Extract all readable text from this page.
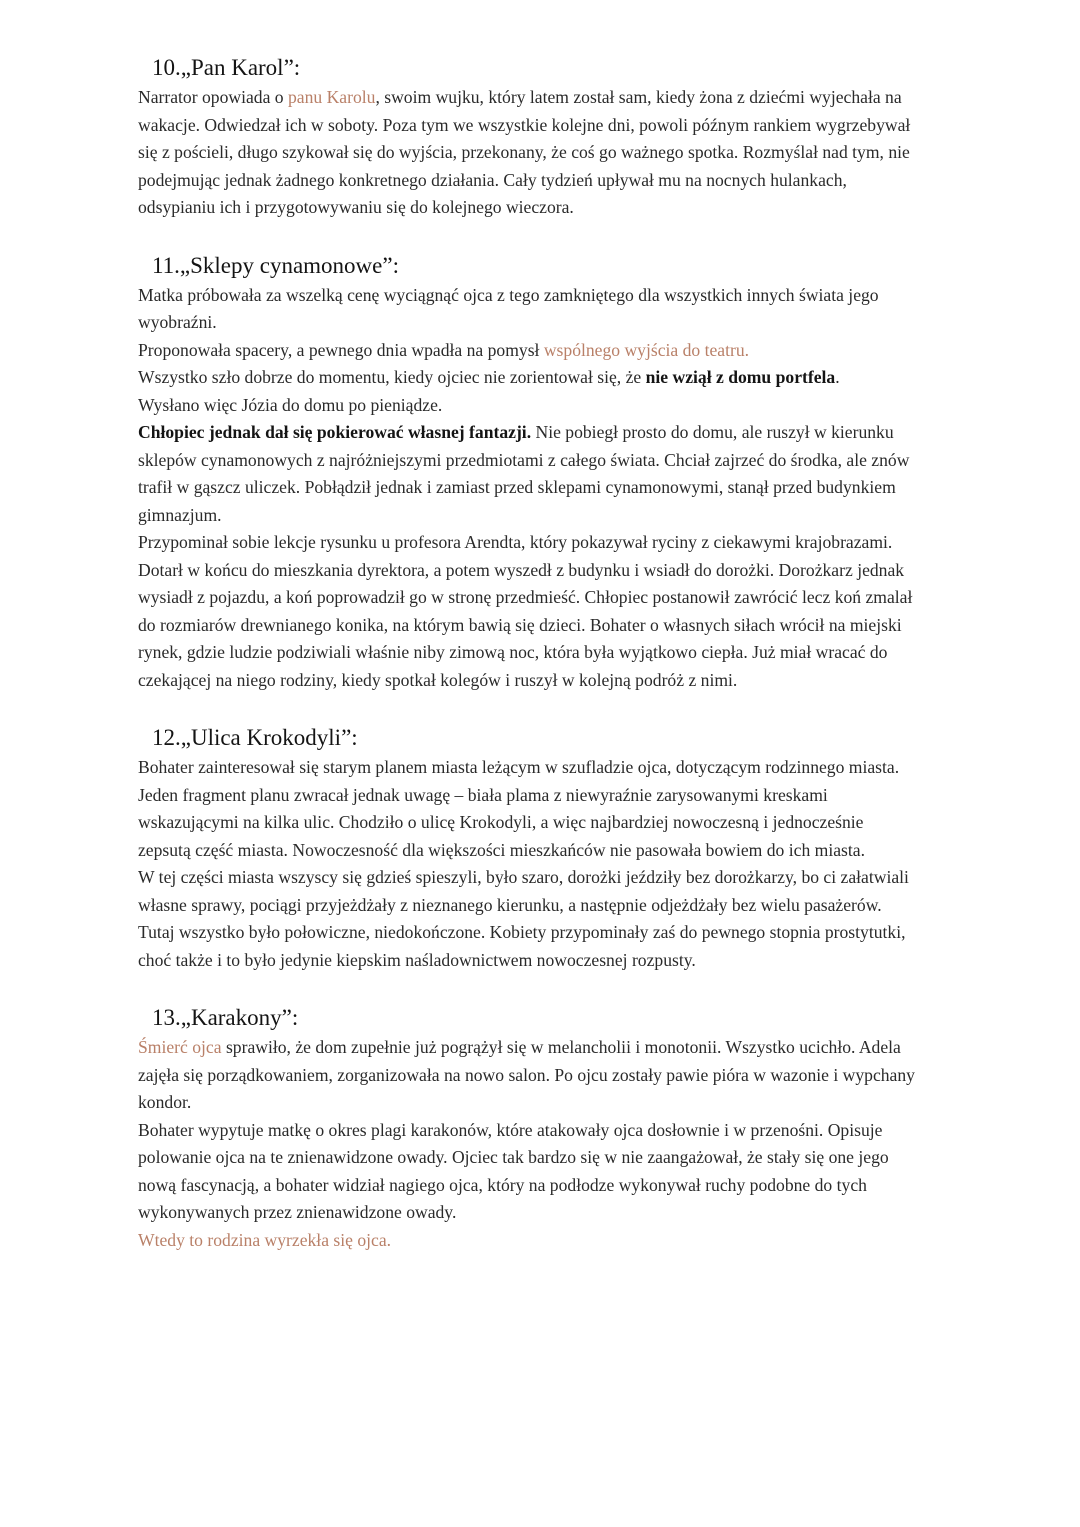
10.„Pan Karol”:

Narrator opowiada o panu Karolu, swoim wujku, który latem został sam, kiedy żona z dziećmi wyjechała na wakacje. Odwiedzał ich w soboty. Poza tym we wszystkie kolejne dni, powoli późnym rankiem wygrzebywał się z pościeli, długo szykował się do wyjścia, przekonany, że coś go ważnego spotka. Rozmyślał nad tym, nie podejmując jednak żadnego konkretnego działania. Cały tydzień upływał mu na nocnych hulankach, odsypianiu ich i przygotowywaniu się do kolejnego wieczora.

11.„Sklepy cynamonowe”:

Matka próbowała za wszelką cenę wyciągnąć ojca z tego zamkniętego dla wszystkich innych świata jego wyobraźni.

Proponowała spacery, a pewnego dnia wpadła na pomysł wspólnego wyjścia do teatru.

Wszystko szło dobrze do momentu, kiedy ojciec nie zorientował się, że nie wziął z domu portfela.

Wysłano więc Józia do domu po pieniądze.

Chłopiec jednak dał się pokierować własnej fantazji. Nie pobiegł prosto do domu, ale ruszył w kierunku sklepów cynamonowych z najróżniejszymi przedmiotami z całego świata. Chciał zajrzeć do środka, ale znów trafił w gąszcz uliczek. Pobłądził jednak i zamiast przed sklepami cynamonowymi, stanął przed budynkiem gimnazjum.

Przypominał sobie lekcje rysunku u profesora Arendta, który pokazywał ryciny z ciekawymi krajobrazami. Dotarł w końcu do mieszkania dyrektora, a potem wyszedł z budynku i wsiadł do dorożki. Dorożkarz jednak wysiadł z pojazdu, a koń poprowadził go w stronę przedmieść. Chłopiec postanowił zawrócić lecz koń zmalał do rozmiarów drewnianego konika, na którym bawią się dzieci. Bohater o własnych siłach wrócił na miejski rynek, gdzie ludzie podziwiali właśnie niby zimową noc, która była wyjątkowo ciepła. Już miał wracać do czekającej na niego rodziny, kiedy spotkał kolegów i ruszył w kolejną podróż z nimi.

12.„Ulica Krokodyli”:

Bohater zainteresował się starym planem miasta leżącym w szufladzie ojca, dotyczącym rodzinnego miasta. Jeden fragment planu zwracał jednak uwagę – biała plama z niewyraźnie zarysowanymi kreskami wskazującymi na kilka ulic. Chodziło o ulicę Krokodyli, a więc najbardziej nowoczesną i jednocześnie zepsutą część miasta. Nowoczesność dla większości mieszkańców nie pasowała bowiem do ich miasta.

W tej części miasta wszyscy się gdzieś spieszyli, było szaro, dorożki jeździły bez dorożkarzy, bo ci załatwiali własne sprawy, pociągi przyjeżdżały z nieznanego kierunku, a następnie odjeżdżały bez wielu pasażerów. Tutaj wszystko było połowiczne, niedokończone. Kobiety przypominały zaś do pewnego stopnia prostytutki, choć także i to było jedynie kiepskim naśladownictwem nowoczesnej rozpusty.

13.„Karakony”:

Śmierć ojca sprawiło, że dom zupełnie już pogrążył się w melancholii i monotonii. Wszystko ucichło. Adela zajęła się porządkowaniem, zorganizowała na nowo salon. Po ojcu zostały pawie pióra w wazonie i wypchany kondor.

Bohater wypytuje matkę o okres plagi karakonów, które atakowały ojca dosłownie i w przenośni. Opisuje polowanie ojca na te znienawidzone owady. Ojciec tak bardzo się w nie zaangażował, że stały się one jego nową fascynacją, a bohater widział nagiego ojca, który na podłodze wykonywał ruchy podobne do tych wykonywanych przez znienawidzone owady.

Wtedy to rodzina wyrzekła się ojca.
